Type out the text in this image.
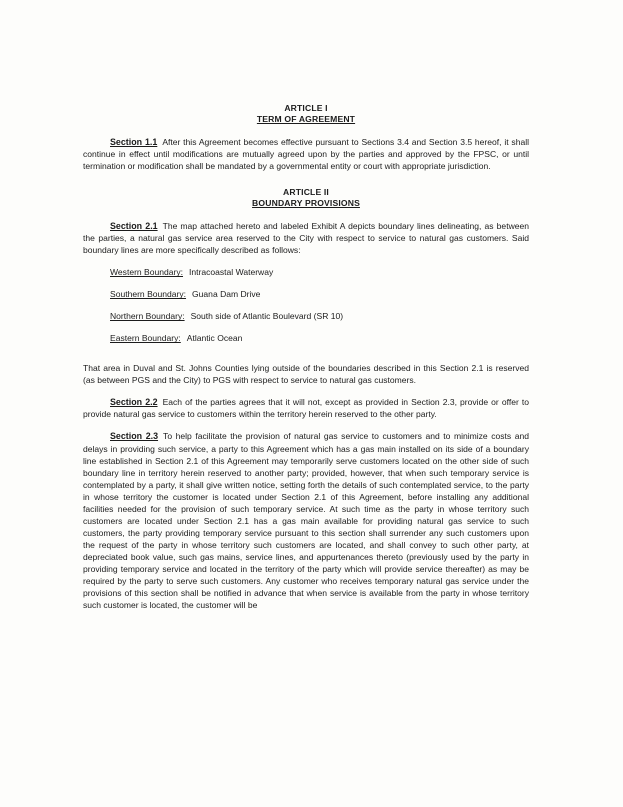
ARTICLE I
TERM OF AGREEMENT

Section 1.1 After this Agreement becomes effective pursuant to Sections 3.4 and Section 3.5 hereof, it shall continue in effect until modifications are mutually agreed upon by the parties and approved by the FPSC, or until termination or modification shall be mandated by a governmental entity or court with appropriate jurisdiction.

ARTICLE II
BOUNDARY PROVISIONS

Section 2.1 The map attached hereto and labeled Exhibit A depicts boundary lines delineating, as between the parties, a natural gas service area reserved to the City with respect to service to natural gas customers. Said boundary lines are more specifically described as follows:

Western Boundary: Intracoastal Waterway
Southern Boundary: Guana Dam Drive
Northern Boundary: South side of Atlantic Boulevard (SR 10)
Eastern Boundary: Atlantic Ocean

That area in Duval and St. Johns Counties lying outside of the boundaries described in this Section 2.1 is reserved (as between PGS and the City) to PGS with respect to service to natural gas customers.

Section 2.2 Each of the parties agrees that it will not, except as provided in Section 2.3, provide or offer to provide natural gas service to customers within the territory herein reserved to the other party.

Section 2.3 To help facilitate the provision of natural gas service to customers and to minimize costs and delays in providing such service, a party to this Agreement which has a gas main installed on its side of a boundary line established in Section 2.1 of this Agreement may temporarily serve customers located on the other side of such boundary line in territory herein reserved to another party; provided, however, that when such temporary service is contemplated by a party, it shall give written notice, setting forth the details of such contemplated service, to the party in whose territory the customer is located under Section 2.1 of this Agreement, before installing any additional facilities needed for the provision of such temporary service. At such time as the party in whose territory such customers are located under Section 2.1 has a gas main available for providing natural gas service to such customers, the party providing temporary service pursuant to this section shall surrender any such customers upon the request of the party in whose territory such customers are located, and shall convey to such other party, at depreciated book value, such gas mains, service lines, and appurtenances thereto (previously used by the party in providing temporary service and located in the territory of the party which will provide service thereafter) as may be required by the party to serve such customers. Any customer who receives temporary natural gas service under the provisions of this section shall be notified in advance that when service is available from the party in whose territory such customer is located, the customer will be
